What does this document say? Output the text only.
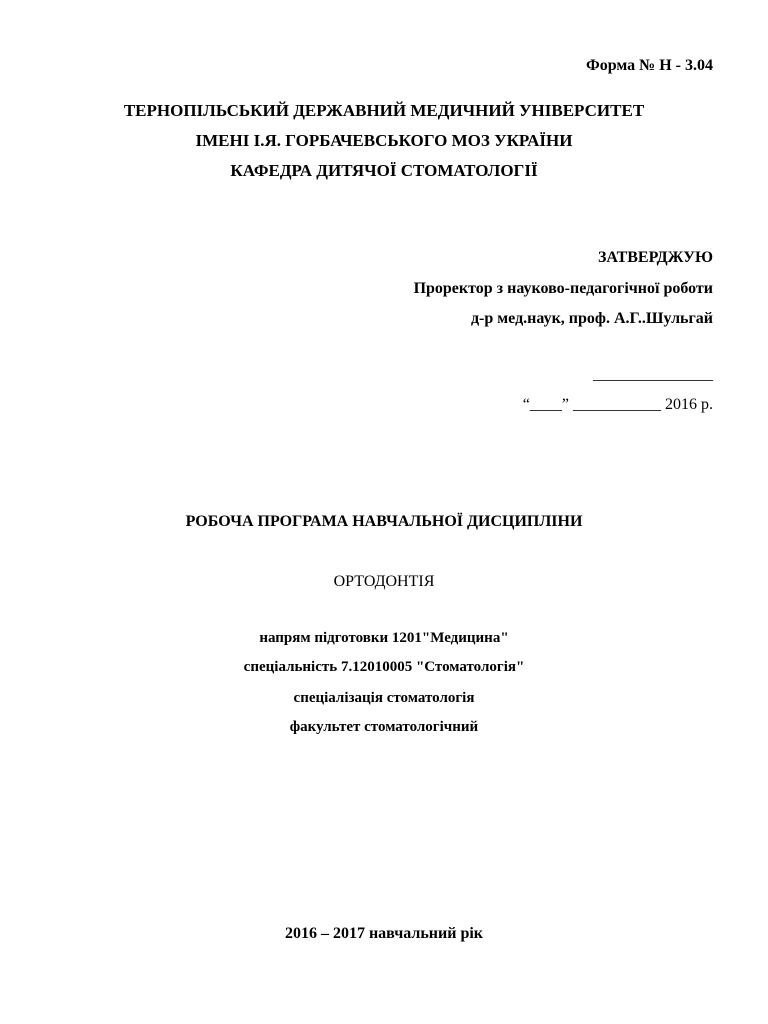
Форма № Н - 3.04
ТЕРНОПІЛЬСЬКИЙ ДЕРЖАВНИЙ МЕДИЧНИЙ УНІВЕРСИТЕТ
ІМЕНІ І.Я. ГОРБАЧЕВСЬКОГО МОЗ УКРАЇНИ
КАФЕДРА ДИТЯЧОЇ СТОМАТОЛОГІЇ
ЗАТВЕРДЖУЮ
Проректор з науково-педагогічної роботи
д-р мед.наук, проф. А.Г..Шульгай
_______________
“____” ___________ 2016 р.
РОБОЧА ПРОГРАМА НАВЧАЛЬНОЇ ДИСЦИПЛІНИ
ОРТОДОНТІЯ
напрям підготовки 1201"Медицина"
спеціальність 7.12010005 "Стоматологія"
спеціалізація стоматологія
факультет стоматологічний
2016 – 2017 навчальний рік
